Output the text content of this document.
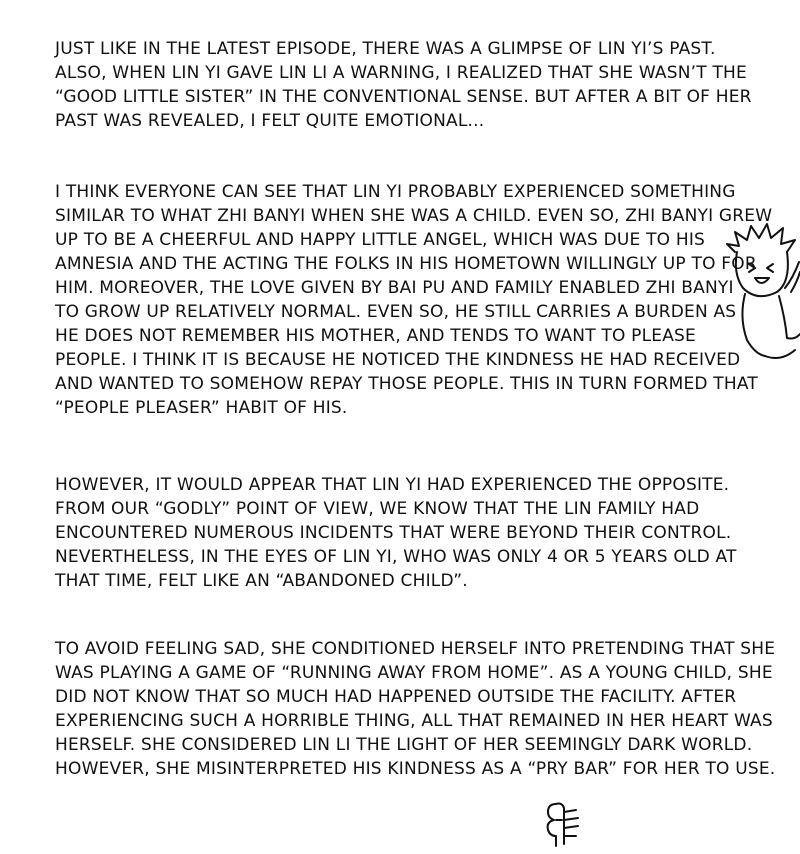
JUST LIKE IN THE LATEST EPISODE, THERE WAS A GLIMPSE OF LIN YI’S PAST.
ALSO, WHEN LIN YI GAVE LIN LI A WARNING, I REALIZED THAT SHE WASN’T THE
“GOOD LITTLE SISTER” IN THE CONVENTIONAL SENSE. BUT AFTER A BIT OF HER
PAST WAS REVEALED, I FELT QUITE EMOTIONAL...
I THINK EVERYONE CAN SEE THAT LIN YI PROBABLY EXPERIENCED SOMETHING
SIMILAR TO WHAT ZHI BANYI WHEN SHE WAS A CHILD. EVEN SO, ZHI BANYI GREW
UP TO BE A CHEERFUL AND HAPPY LITTLE ANGEL, WHICH WAS DUE TO HIS
AMNESIA AND THE ACTING THE FOLKS IN HIS HOMETOWN WILLINGLY UP TO FOR
HIM. MOREOVER, THE LOVE GIVEN BY BAI PU AND FAMILY ENABLED ZHI BANYI
TO GROW UP RELATIVELY NORMAL. EVEN SO, HE STILL CARRIES A BURDEN AS
HE DOES NOT REMEMBER HIS MOTHER, AND TENDS TO WANT TO PLEASE
PEOPLE. I THINK IT IS BECAUSE HE NOTICED THE KINDNESS HE HAD RECEIVED
AND WANTED TO SOMEHOW REPAY THOSE PEOPLE. THIS IN TURN FORMED THAT
“PEOPLE PLEASER” HABIT OF HIS.
HOWEVER, IT WOULD APPEAR THAT LIN YI HAD EXPERIENCED THE OPPOSITE.
FROM OUR “GODLY” POINT OF VIEW, WE KNOW THAT THE LIN FAMILY HAD
ENCOUNTERED NUMEROUS INCIDENTS THAT WERE BEYOND THEIR CONTROL.
NEVERTHELESS, IN THE EYES OF LIN YI, WHO WAS ONLY 4 OR 5 YEARS OLD AT
THAT TIME, FELT LIKE AN “ABANDONED CHILD”.
TO AVOID FEELING SAD, SHE CONDITIONED HERSELF INTO PRETENDING THAT SHE
WAS PLAYING A GAME OF “RUNNING AWAY FROM HOME”. AS A YOUNG CHILD, SHE
DID NOT KNOW THAT SO MUCH HAD HAPPENED OUTSIDE THE FACILITY. AFTER
EXPERIENCING SUCH A HORRIBLE THING, ALL THAT REMAINED IN HER HEART WAS
HERSELF. SHE CONSIDERED LIN LI THE LIGHT OF HER SEEMINGLY DARK WORLD.
HOWEVER, SHE MISINTERPRETED HIS KINDNESS AS A “PRY BAR” FOR HER TO USE.
